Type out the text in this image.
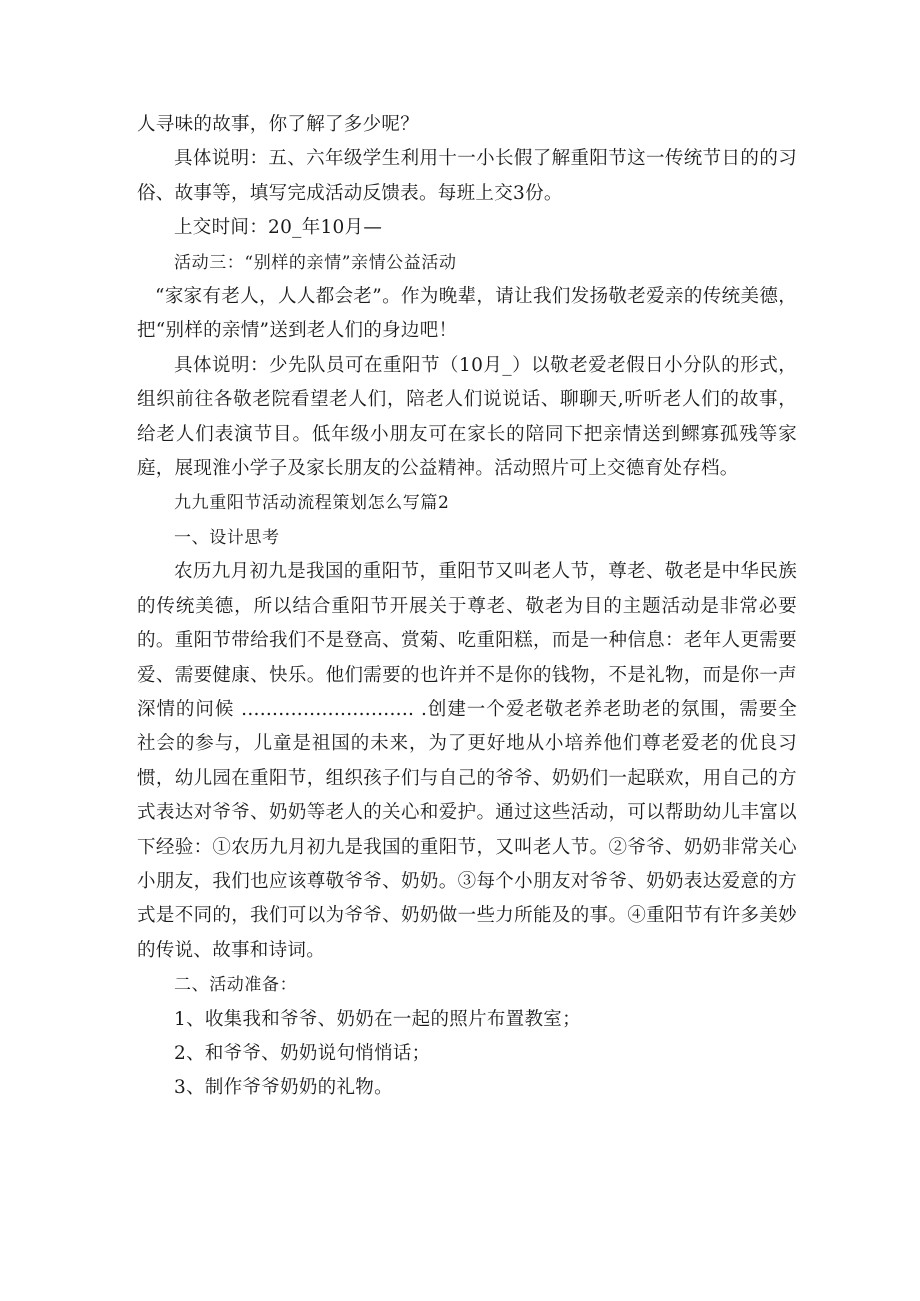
人寻味的故事，你了解了多少呢？

具体说明：五、六年级学生利用十一小长假了解重阳节这一传统节日的的习俗、故事等，填写完成活动反馈表。每班上交3份。

上交时间：20_年10月—

活动三：“别样的亲情”亲情公益活动

“家家有老人，人人都会老”。作为晚辈，请让我们发扬敬老爱亲的传统美德，把“别样的亲情”送到老人们的身边吧！

具体说明：少先队员可在重阳节（10月_）以敬老爱老假日小分队的形式，组织前往各敬老院看望老人们，陪老人们说说话、聊聊天,听听老人们的故事，给老人们表演节目。低年级小朋友可在家长的陪同下把亲情送到鳏寡孤残等家庭，展现淮小学子及家长朋友的公益精神。活动照片可上交德育处存档。

九九重阳节活动流程策划怎么写篇2

一、设计思考

农历九月初九是我国的重阳节，重阳节又叫老人节，尊老、敬老是中华民族的传统美德，所以结合重阳节开展关于尊老、敬老为目的主题活动是非常必要的。重阳节带给我们不是登高、赏菊、吃重阳糕，而是一种信息：老年人更需要爱、需要健康、快乐。他们需要的也许并不是你的钱物，不是礼物，而是你一声深情的问候 ............................ .创建一个爱老敬老养老助老的氛围，需要全社会的参与，儿童是祖国的未来，为了更好地从小培养他们尊老爱老的优良习惯，幼儿园在重阳节，组织孩子们与自己的爷爷、奶奶们一起联欢，用自己的方式表达对爷爷、奶奶等老人的关心和爱护。通过这些活动，可以帮助幼儿丰富以下经验：①农历九月初九是我国的重阳节，又叫老人节。②爷爷、奶奶非常关心小朋友，我们也应该尊敬爷爷、奶奶。③每个小朋友对爷爷、奶奶表达爱意的方式是不同的，我们可以为爷爷、奶奶做一些力所能及的事。④重阳节有许多美妙的传说、故事和诗词。

二、活动准备：

1、收集我和爷爷、奶奶在一起的照片布置教室；

2、和爷爷、奶奶说句悄悄话；

3、制作爷爷奶奶的礼物。
